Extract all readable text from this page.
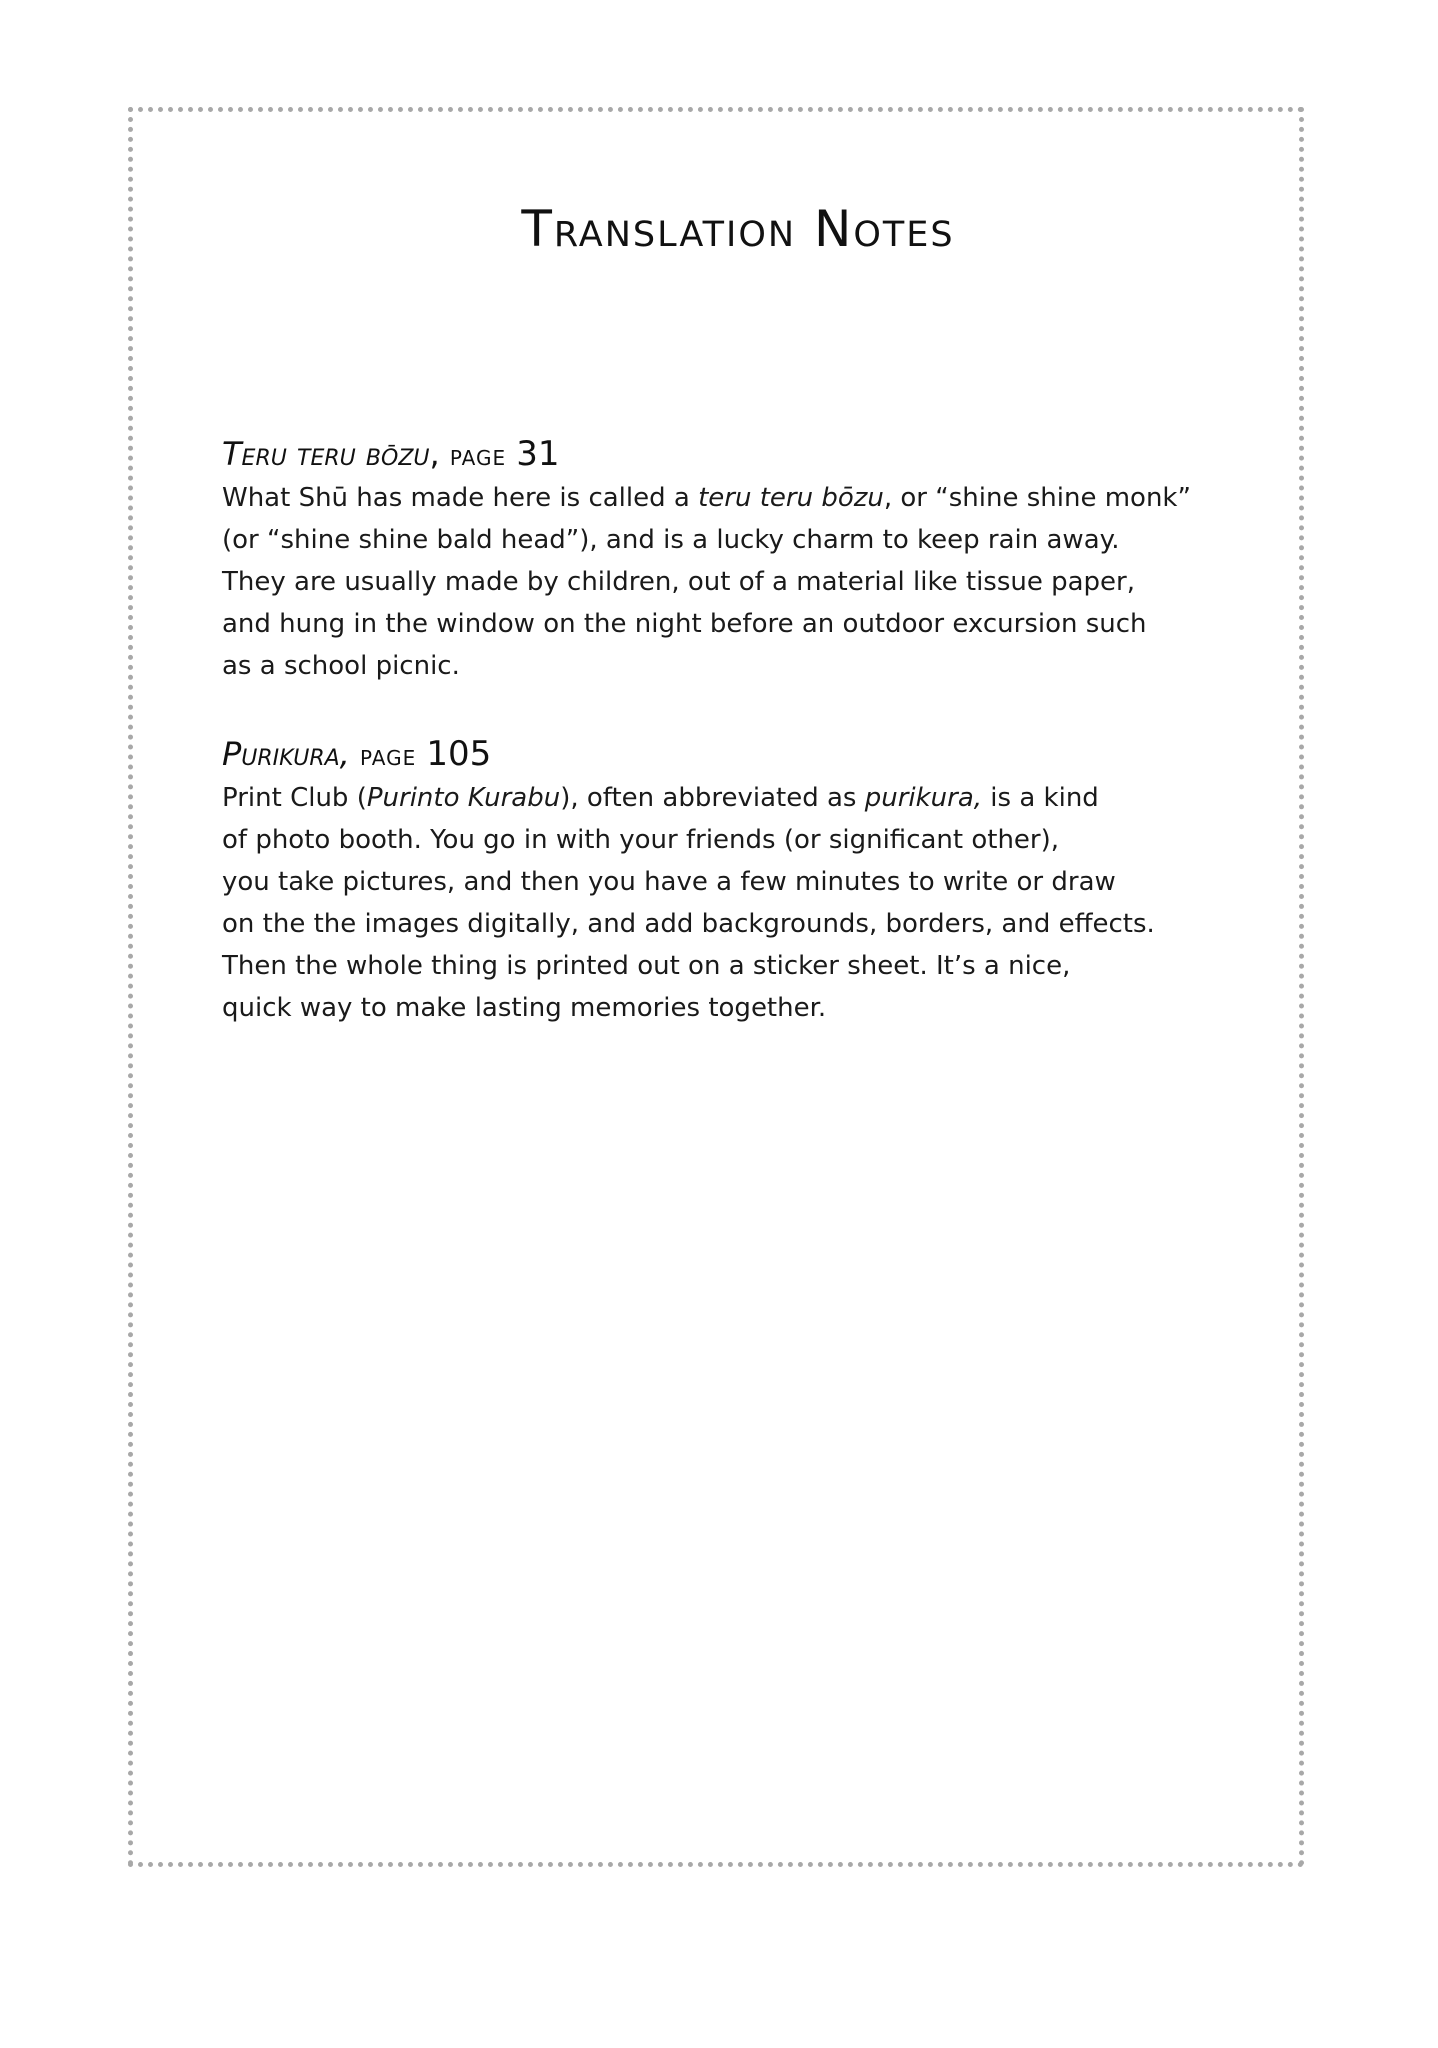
Translation Notes
Teru teru bōzu, page 31

What Shū has made here is called a teru teru bōzu, or “shine shine monk”
(or “shine shine bald head”), and is a lucky charm to keep rain away.
They are usually made by children, out of a material like tissue paper,
and hung in the window on the night before an outdoor excursion such
as a school picnic.

Purikura, page 105

Print Club (Purinto Kurabu), often abbreviated as purikura, is a kind
of photo booth. You go in with your friends (or significant other),
you take pictures, and then you have a few minutes to write or draw
on the the images digitally, and add backgrounds, borders, and effects.
Then the whole thing is printed out on a sticker sheet. It’s a nice,
quick way to make lasting memories together.
